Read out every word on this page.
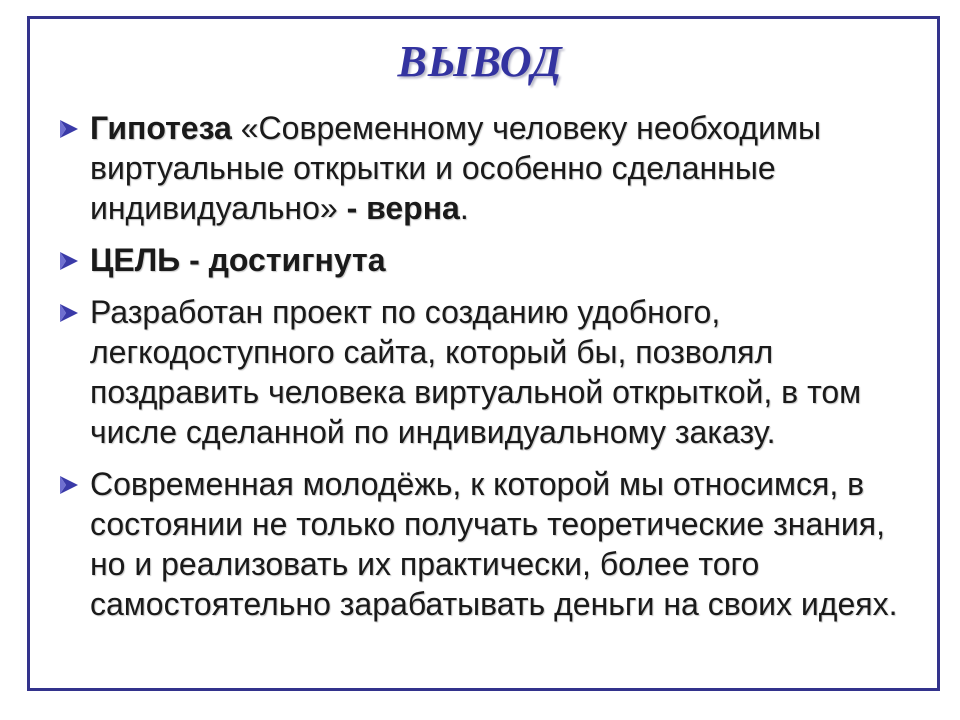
ВЫВОД
Гипотеза «Современному человеку необходимы виртуальные открытки и особенно сделанные индивидуально» - верна.
ЦЕЛЬ - достигнута
Разработан проект по созданию удобного, легкодоступного сайта, который бы, позволял поздравить человека виртуальной открыткой, в том числе сделанной по индивидуальному заказу.
Современная молодёжь, к которой мы относимся, в состоянии не только получать теоретические знания, но и реализовать их практически, более того самостоятельно зарабатывать деньги на своих идеях.
